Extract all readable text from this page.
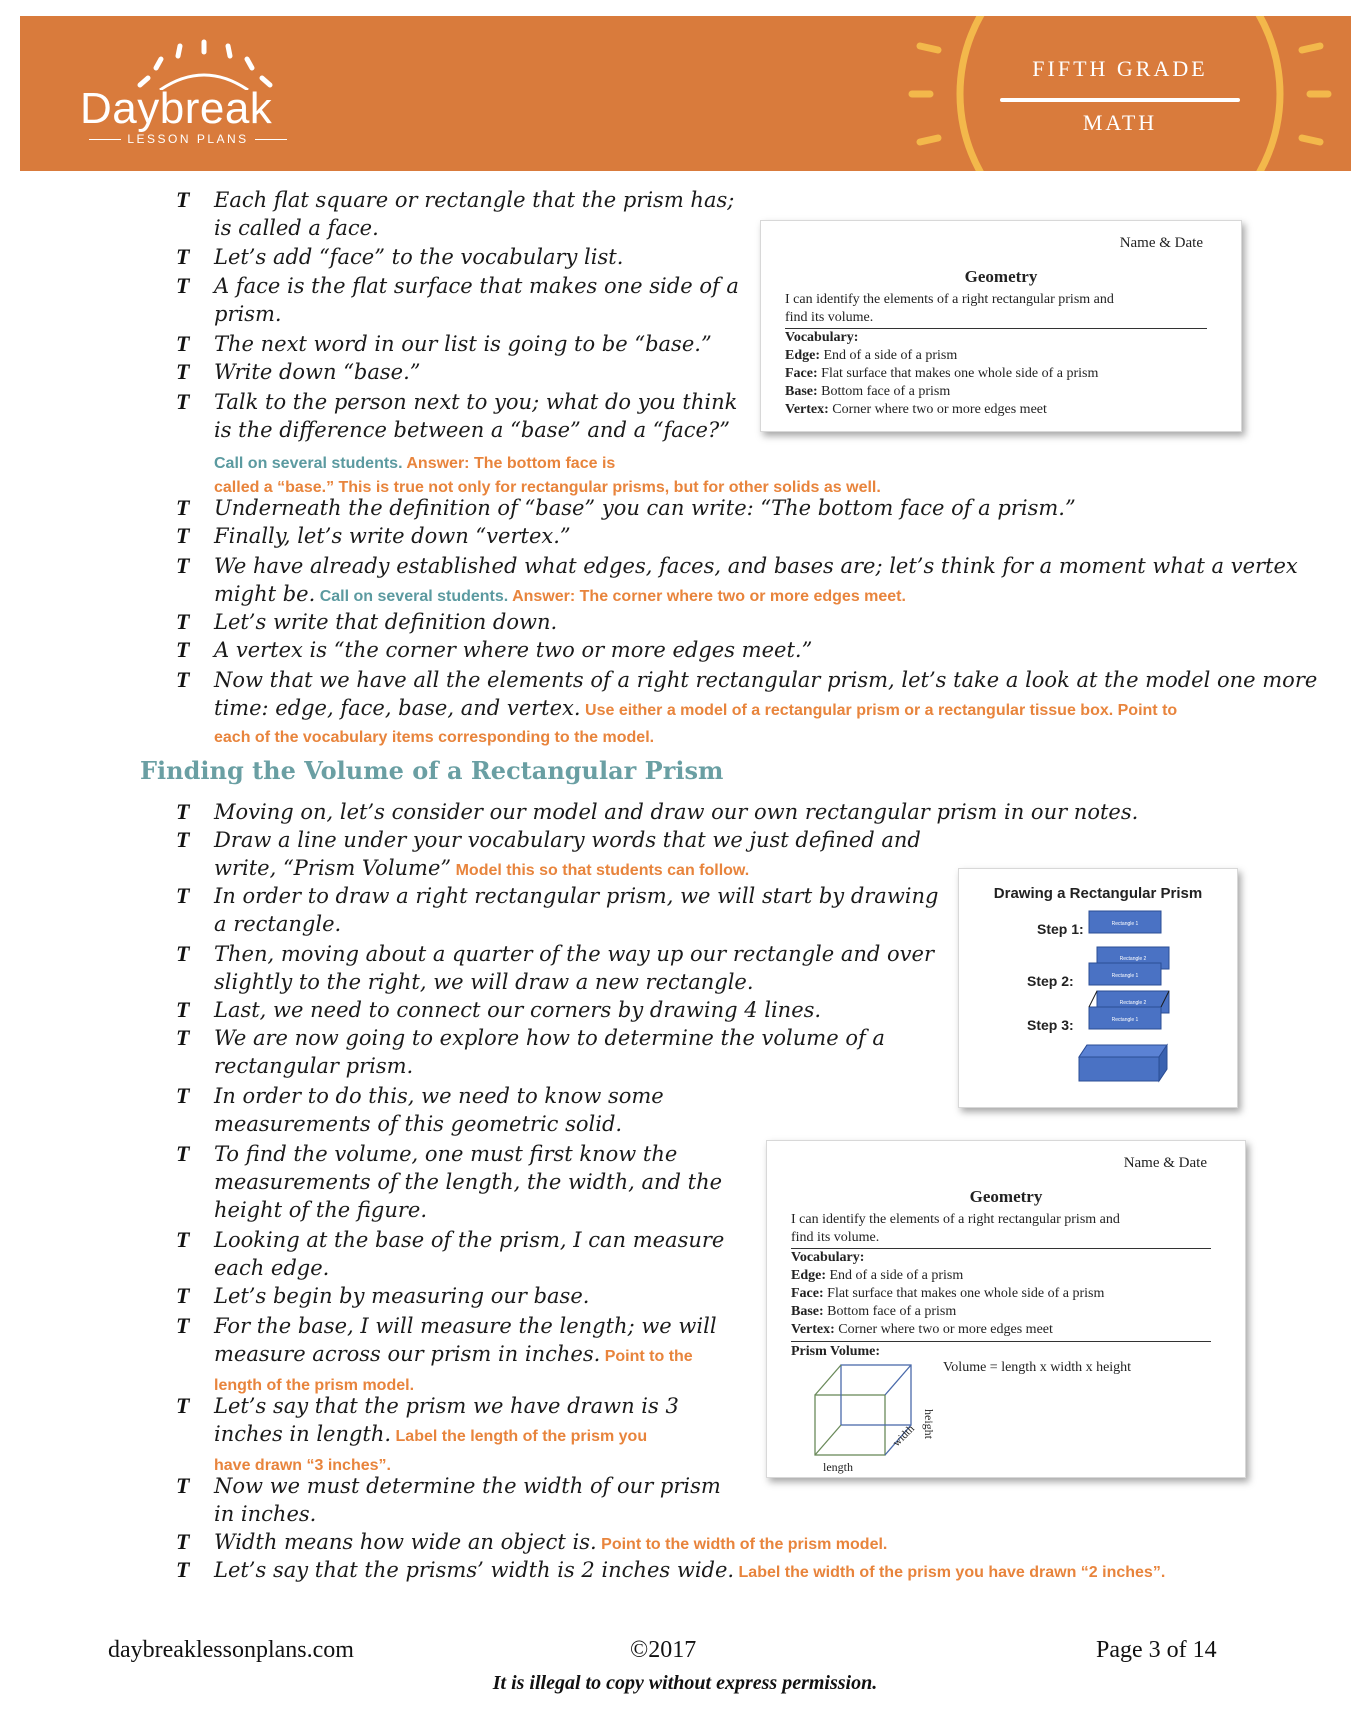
Daybreak
LESSON PLANS
FIFTH GRADE
MATH
Each flat square or rectangle that the prism has;
T
is called a face.
Let’s add “face” to the vocabulary list.
T
A face is the flat surface that makes one side of a
T
prism.
The next word in our list is going to be “base.”
T
Write down “base.”
T
Talk to the person next to you; what do you think
T
is the difference between a “base” and a “face?”
Call on several students. Answer: The bottom face is
called a “base.” This is true not only for rectangular prisms, but for other solids as well.
Underneath the definition of “base” you can write: “The bottom face of a prism.”
T
Finally, let’s write down “vertex.”
T
We have already established what edges, faces, and bases are; let’s think for a moment what a vertex
T
might be. Call on several students. Answer: The corner where two or more edges meet.
Let’s write that definition down.
T
A vertex is “the corner where two or more edges meet.”
T
Now that we have all the elements of a right rectangular prism, let’s take a look at the model one more
T
time: edge, face, base, and vertex. Use either a model of a rectangular prism or a rectangular tissue box. Point to
each of the vocabulary items corresponding to the model.
Moving on, let’s consider our model and draw our own rectangular prism in our notes.
T
Draw a line under your vocabulary words that we just defined and
T
write, “Prism Volume” Model this so that students can follow.
In order to draw a right rectangular prism, we will start by drawing
T
a rectangle.
Then, moving about a quarter of the way up our rectangle and over
T
slightly to the right, we will draw a new rectangle.
Last, we need to connect our corners by drawing 4 lines.
T
We are now going to explore how to determine the volume of a
T
rectangular prism.
In order to do this, we need to know some
T
measurements of this geometric solid.
To find the volume, one must first know the
T
measurements of the length, the width, and the
height of the figure.
Looking at the base of the prism, I can measure
T
each edge.
Let’s begin by measuring our base.
T
For the base, I will measure the length; we will
T
measure across our prism in inches. Point to the
length of the prism model.
Let’s say that the prism we have drawn is 3
T
inches in length. Label the length of the prism you
have drawn “3 inches”.
Now we must determine the width of our prism
T
in inches.
Width means how wide an object is. Point to the width of the prism model.
T
Let’s say that the prisms’ width is 2 inches wide. Label the width of the prism you have drawn “2 inches”.
T
Finding the Volume of a Rectangular Prism
Name & Date
Geometry
I can identify the elements of a right rectangular prism and
find its volume.
Vocabulary:
Edge: End of a side of a prism
Face: Flat surface that makes one whole side of a prism
Base: Bottom face of a prism
Vertex: Corner where two or more edges meet
Drawing a Rectangular Prism
Step 1:
Step 2:
Step 3:
Rectangle 1
Rectangle 2
Rectangle 1
Rectangle 2
Rectangle 1
Name & Date
Geometry
I can identify the elements of a right rectangular prism and
find its volume.
Vocabulary:
Edge: End of a side of a prism
Face: Flat surface that makes one whole side of a prism
Base: Bottom face of a prism
Vertex: Corner where two or more edges meet
Prism Volume:
Volume = length x width x height
length
width height
daybreaklessonplans.com	©2017	Page 3 of 14
It is illegal to copy without express permission.
